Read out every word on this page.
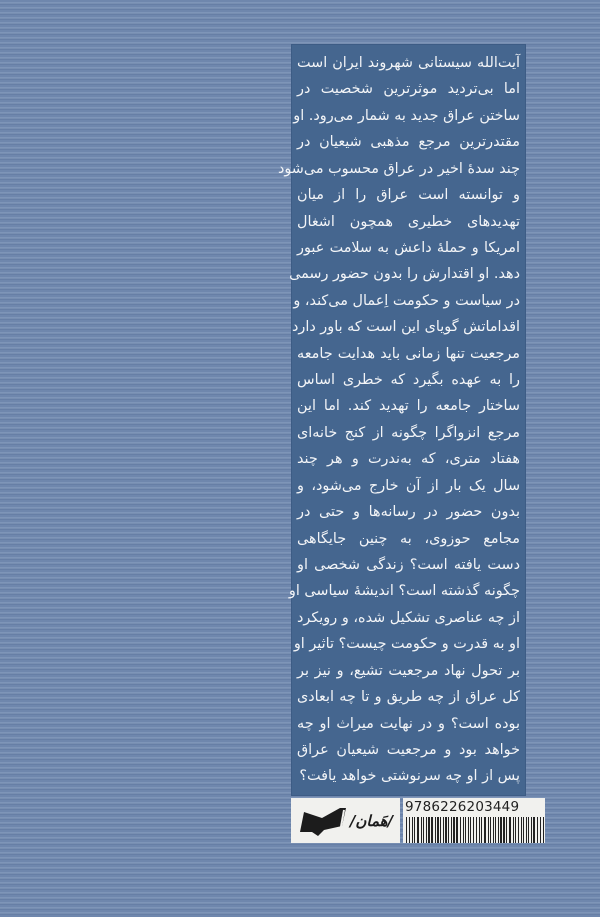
آیت‌الله سیستانی شهروند ایران است
اما بی‌تردید موثرترین شخصیت در
ساختن عراق جدید به شمار می‌رود. او
مقتدرترین مرجع مذهبی شیعیان در
چند سدهٔ اخیر در عراق محسوب می‌شود
و توانسته است عراق را از میان
تهدیدهای خطیری همچون اشغال
امریکا و حملهٔ داعش به سلامت عبور
دهد. او اقتدارش را بدون حضور رسمی
در سیاست و حکومت اِعمال می‌کند، و
اقداماتش گویای این است که باور دارد
مرجعیت تنها زمانی باید هدایت جامعه
را به عهده بگیرد که خطری اساس
ساختار جامعه را تهدید کند. اما این
مرجع انزواگرا چگونه از کنج خانه‌ای
هفتاد متری، که به‌ندرت و هر چند
سال یک بار از آن خارج می‌شود، و
بدون حضور در رسانه‌ها و حتی در
مجامع حوزوی، به چنین جایگاهی
دست یافته است؟ زندگی شخصی او
چگونه گذشته است؟ اندیشهٔ سیاسی او
از چه عناصری تشکیل شده، و رویکرد
او به قدرت و حکومت چیست؟ تاثیر او
بر تحول نهاد مرجعیت تشیع، و نیز بر
کل عراق از چه طریق و تا چه ابعادی
بوده است؟ و در نهایت میراث او چه
خواهد بود و مرجعیت شیعیان عراق
پس از او چه سرنوشتی خواهد یافت؟
/هَمان/
9786226203449
